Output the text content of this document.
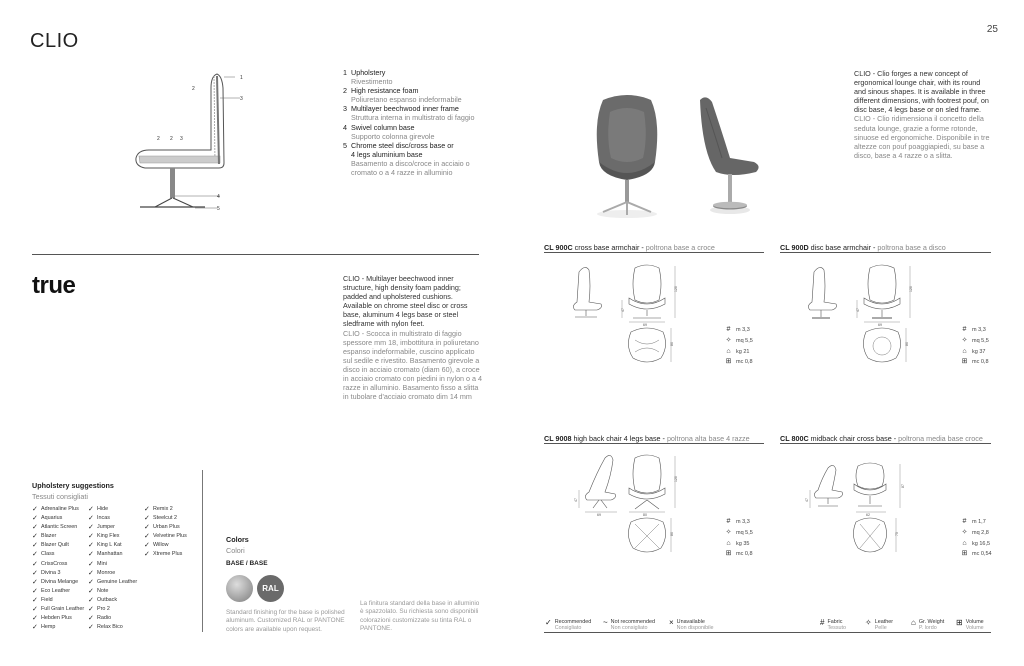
CLIO
25
1
2
3
2 2 3
4
5
1 Upholstery
Rivestimento
2 High resistance foam
Poliuretano espanso indeformabile
3 Multilayer beechwood inner frame
Struttura interna in multistrato di faggio
4 Swivel column base
Supporto colonna girevole
5 Chrome steel disc/cross base or 4 legs aluminium base
Basamento a disco/croce in acciaio o cromato o a 4 razze in alluminio
CLIO - Clio forges a new concept of ergonomical lounge chair, with its round and sinous shapes. It is available in three different dimensions, with footrest pouf, on disc base, 4 legs base or on sled frame.
CLIO - Clio ridimensiona il concetto della seduta lounge, grazie a forme rotonde, sinuose ed ergonomiche. Disponibile in tre altezze con pouf poaggiapiedi, su base a disco, base a 4 razze o a slitta.
true	CLIO - Multilayer beechwood inner structure, high density foam padding; padded and upholstered cushions. Available on chrome steel disc or cross base, aluminum 4 legs base or steel sledframe with nylon feet.
CLIO - Scocca in multistrato di faggio spessore mm 18, imbottitura in poliuretano espanso indeformabile, cuscino applicato sul sedile e rivestito. Basamento girevole a disco in acciaio cromato (diam 60), a croce in acciaio cromato con piedini in nylon o a 4 razze in alluminio. Basamento fisso a slitta in tubolare d'acciaio cromato dim 14 mm
CL 900C cross base armchair - poltrona base a croce	CL 900D disc base armchair - poltrona base a disco
CL 9008 high back chair 4 legs base - poltrona alta base 4 razze	CL 800C midback chair cross base - poltrona media base croce
120
47
69
80
120
47
69
80
120
47
69	80
80
87
47
62
75
#	m 3,3
✧ mq 5,5
⌂ kg 21
⊞ mc 0,8
#	m 3,3
✧ mq 5,5
⌂ kg 37
⊞ mc 0,8
#	m 3,3
✧ mq 5,5
⌂ kg 35
⊞ mc 0,8
#	m 1,7
✧ mq 2,8
⌂ kg 16,5
⊞ mc 0,54
Upholstery suggestions
Tessuti consigliati
✓ Adrenaline Plus
✓ Aquarius
✓ Atlantic Screen
✓ Blazer
✓ Blazer Quilt
✓ Class
✓ CrissCross
✓ Divina 3
✓ Divina Melange
✓ Eco Leather
✓ Field
✓ Full Grain Leather
✓ Hebden Plus
✓ Hemp
✓ Hide
✓ Incas
✓ Jumper
✓ King Flex
✓ King L Kat
✓ Manhattan
✓ Mini
✓ Monroe
✓ Genuine Leather
✓ Note
✓ Outback
✓ Pro 2
✓ Radio
✓ Relax Bico
✓ Remix 2
✓ Steelcut 2
✓ Urban Plus
✓ Velvetine Plus
✓ Willow
✓ Xtreme Plus
Colors
Colori
BASE / BASE
RAL
Standard finishing for the base is polished aluminum. Customized RAL or PANTONE colors are available upon request.
La finitura standard della base in alluminio è spazzolato. Su richiesta sono disponibili colorazioni customizzate su tinta RAL o PANTONE.
✓ Recommended
Consigliato
~ Not recommended
Non consigliato
× Unavailable
Non disponibile
# Fabric
Tessuto
✧ Leather
Pelle
⌂ Gr. Weight
P. lordo
⊞ Volume
Volume
